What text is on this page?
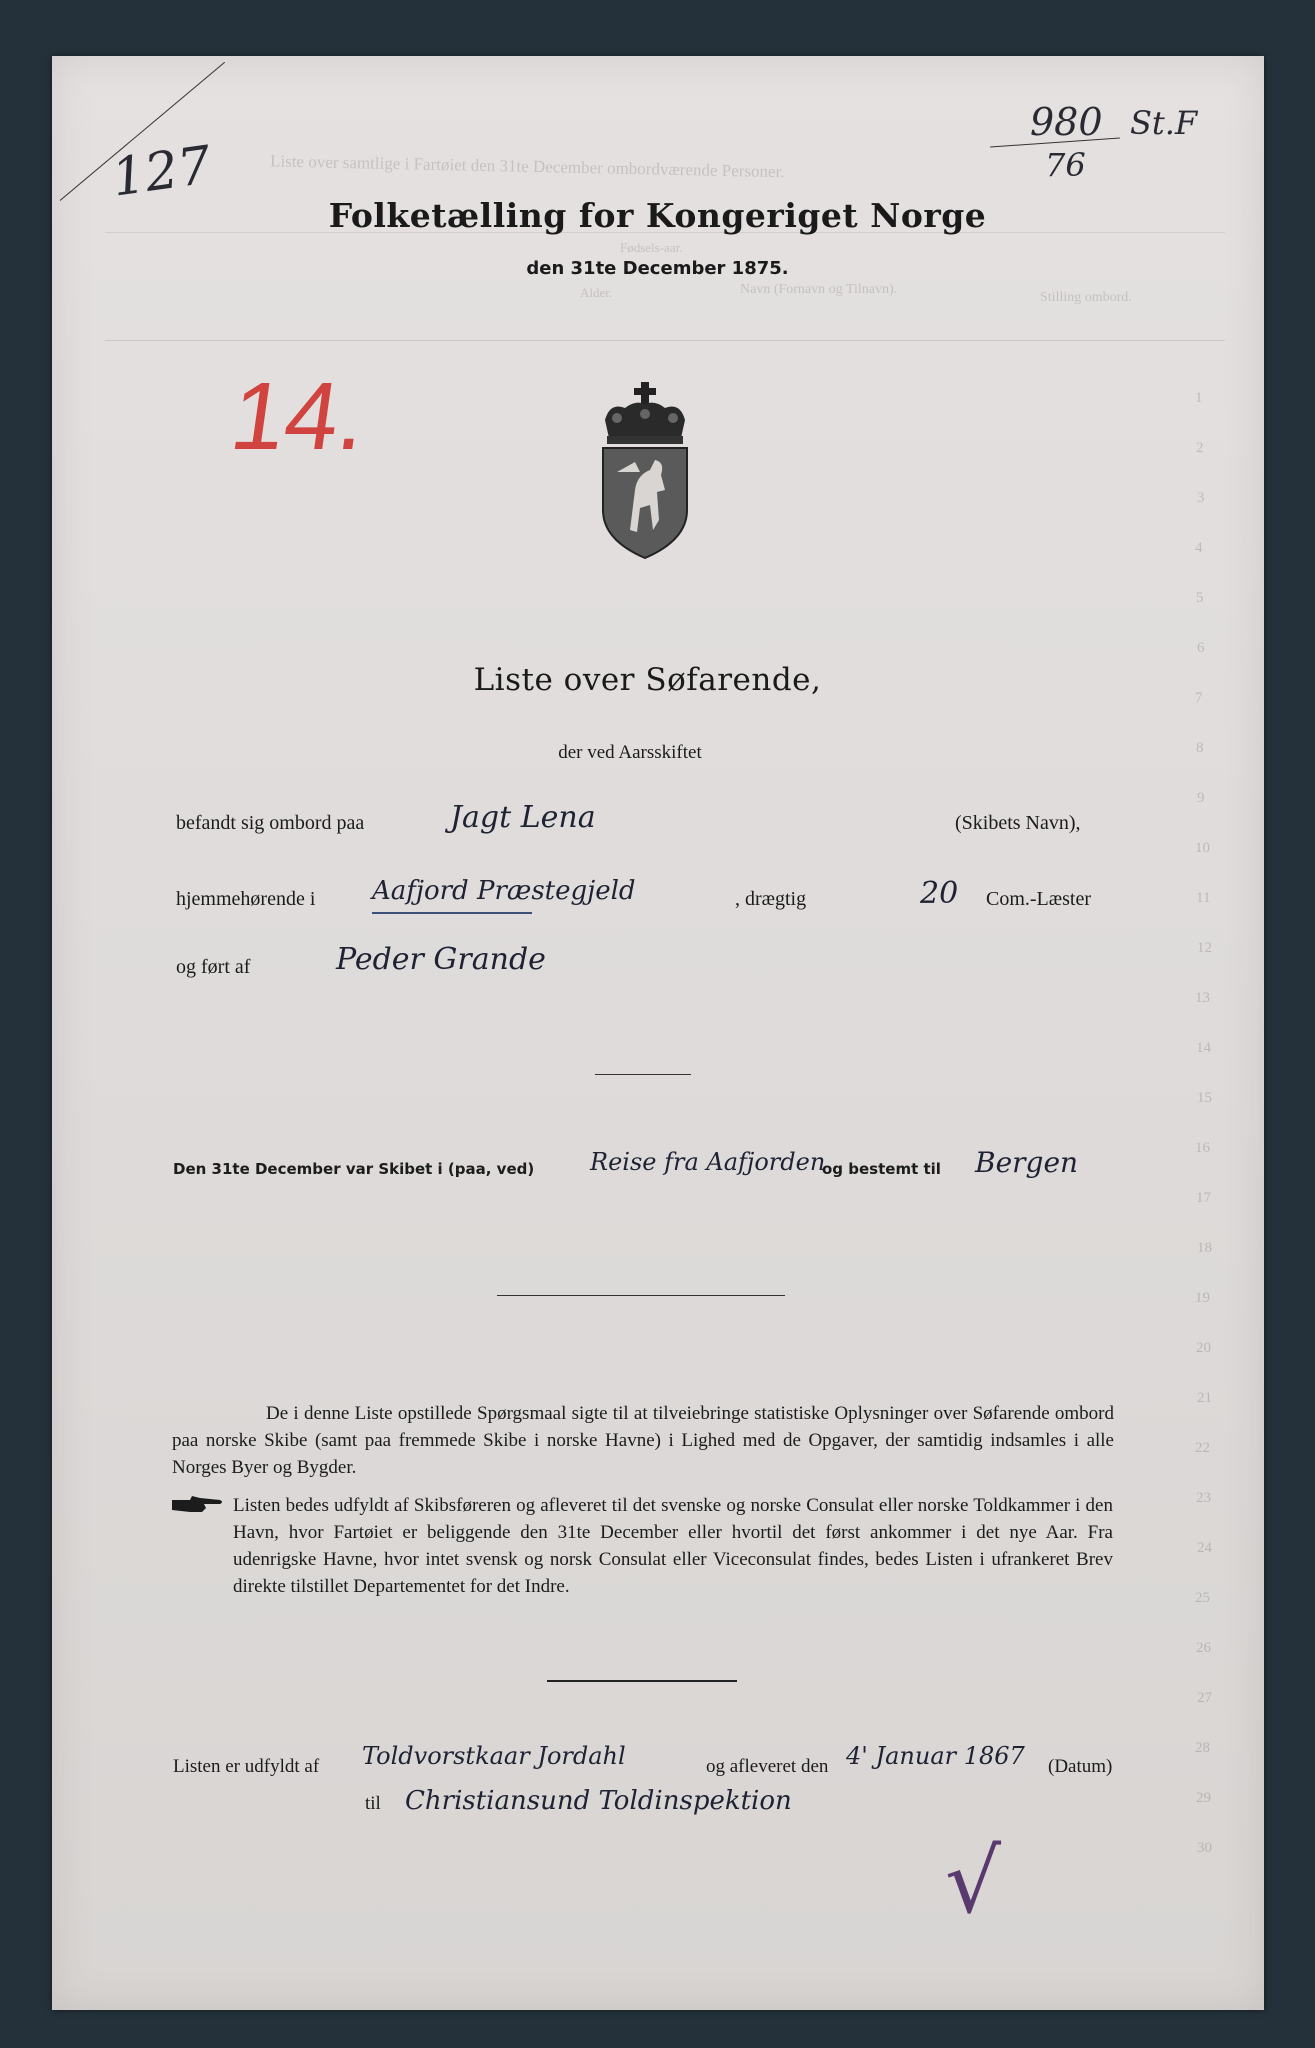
Liste over samtlige i Fartøiet den 31te December ombordværende Personer.
Stilling ombord.
Navn (Fornavn og Tilnavn).
Fødsels-aar.
Alder.
1
2
3
4
5
6
7
8
9
10
11
12
13
14
15
16
17
18
19
20
21
22
23
24
25
26
27
28
29
30
127
980
76
St.F
14.
Folketælling for Kongeriget Norge
den 31te December 1875.
Liste over Søfarende,
der ved Aarsskiftet
befandt sig ombord paa	Jagt Lena	(Skibets Navn),
hjemmehørende i Aafjord Præstegjeld	, drægtig	20 Com.-Læster
og ført af	Peder Grande
Den 31te December var Skibet i (paa, ved) Reise fra Aafjorden
og bestemt til Bergen
De i denne Liste opstillede Spørgsmaal sigte til at tilveiebringe statistiske Oplysninger over Søfarende ombord paa norske Skibe (samt paa fremmede Skibe i norske Havne) i Lighed med de Opgaver, der samtidig indsamles i alle Norges Byer og Bygder.
Listen bedes udfyldt af Skibsføreren og afleveret til det svenske og norske Consulat eller norske Toldkammer i den Havn, hvor Fartøiet er beliggende den 31te December eller hvortil det først ankommer i det nye Aar. Fra udenrigske Havne, hvor intet svensk og norsk Consulat eller Viceconsulat findes, bedes Listen i ufrankeret Brev direkte tilstillet Departementet for det Indre.
Listen er udfyldt af Toldvorstkaar Jordahl	og afleveret den 4' Januar 1867 (Datum)
til Christiansund Toldinspektion
√
